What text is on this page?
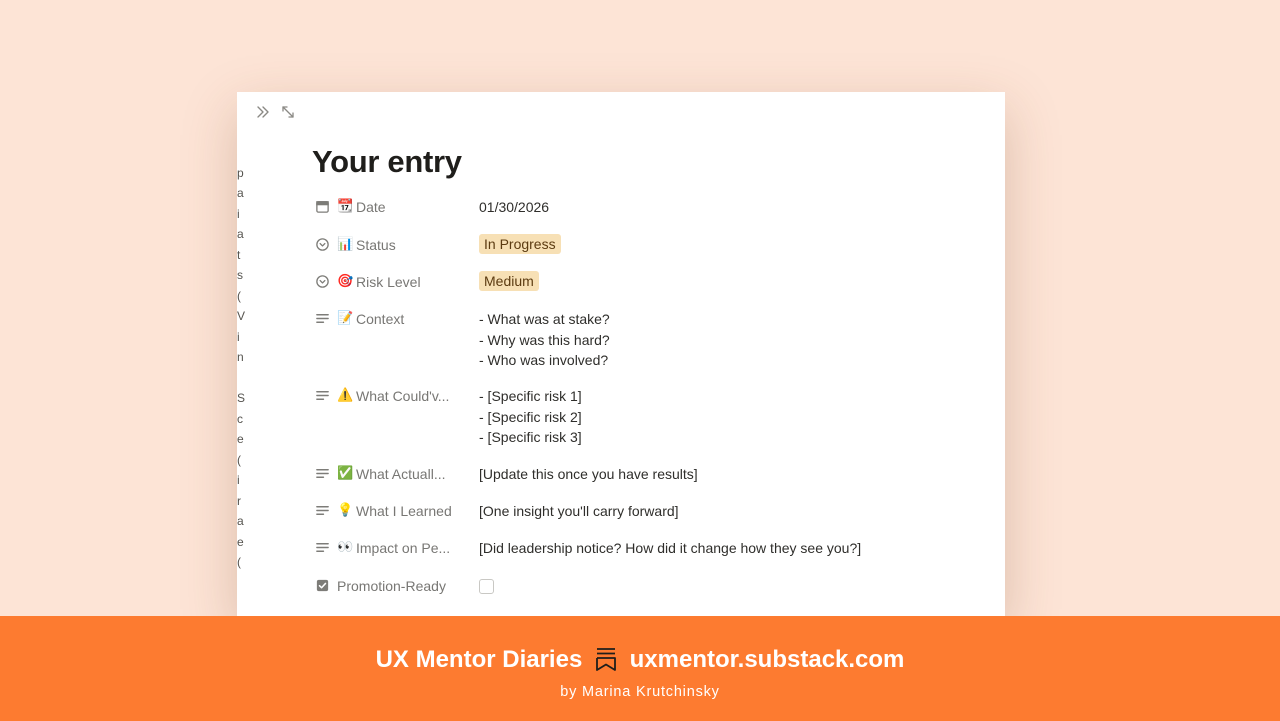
p
a
i
a
t
s
(
V
i
n

S
c
e
(
i
r
a
e
(
Your entry
📆 Date	01/30/2026
📊 Status	In Progress
🎯 Risk Level	Medium
📝 Context	- What was at stake?
- Why was this hard?
- Who was involved?
⚠️ What Could'v... - [Specific risk 1]
- [Specific risk 2]
- [Specific risk 3]
✅ What Actuall... [Update this once you have results]
💡 What I Learned [One insight you'll carry forward]
👀 Impact on Pe... [Did leadership notice? How did it change how they see you?]
Promotion-Ready
UX Mentor Diaries uxmentor.substack.com
by Marina Krutchinsky
